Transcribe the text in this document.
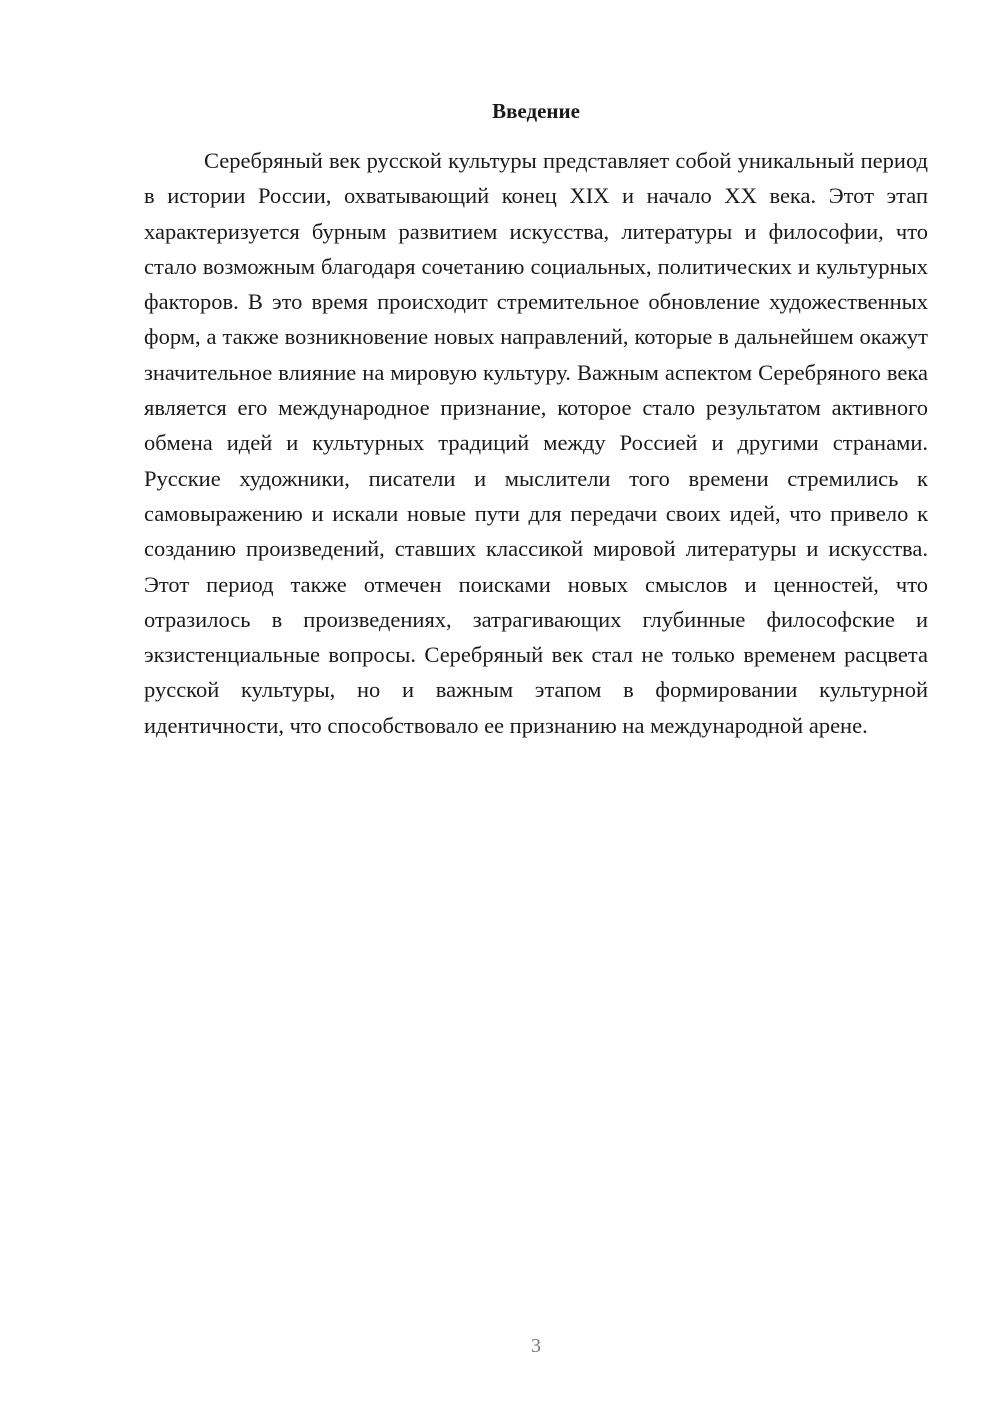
Введение

Серебряный век русской культуры представляет собой уникальный период в истории России, охватывающий конец XIX и начало XX века. Этот этап характеризуется бурным развитием искусства, литературы и философии, что стало возможным благодаря сочетанию социальных, политических и культурных факторов. В это время происходит стремительное обновление художественных форм, а также возникновение новых направлений, которые в дальнейшем окажут значительное влияние на мировую культуру. Важным аспектом Серебряного века является его международное признание, которое стало результатом активного обмена идей и культурных традиций между Россией и другими странами. Русские художники, писатели и мыслители того времени стремились к самовыражению и искали новые пути для передачи своих идей, что привело к созданию произведений, ставших классикой мировой литературы и искусства. Этот период также отмечен поисками новых смыслов и ценностей, что отразилось в произведениях, затрагивающих глубинные философские и экзистенциальные вопросы. Серебряный век стал не только временем расцвета русской культуры, но и важным этапом в формировании культурной идентичности, что способствовало ее признанию на международной арене.

3
